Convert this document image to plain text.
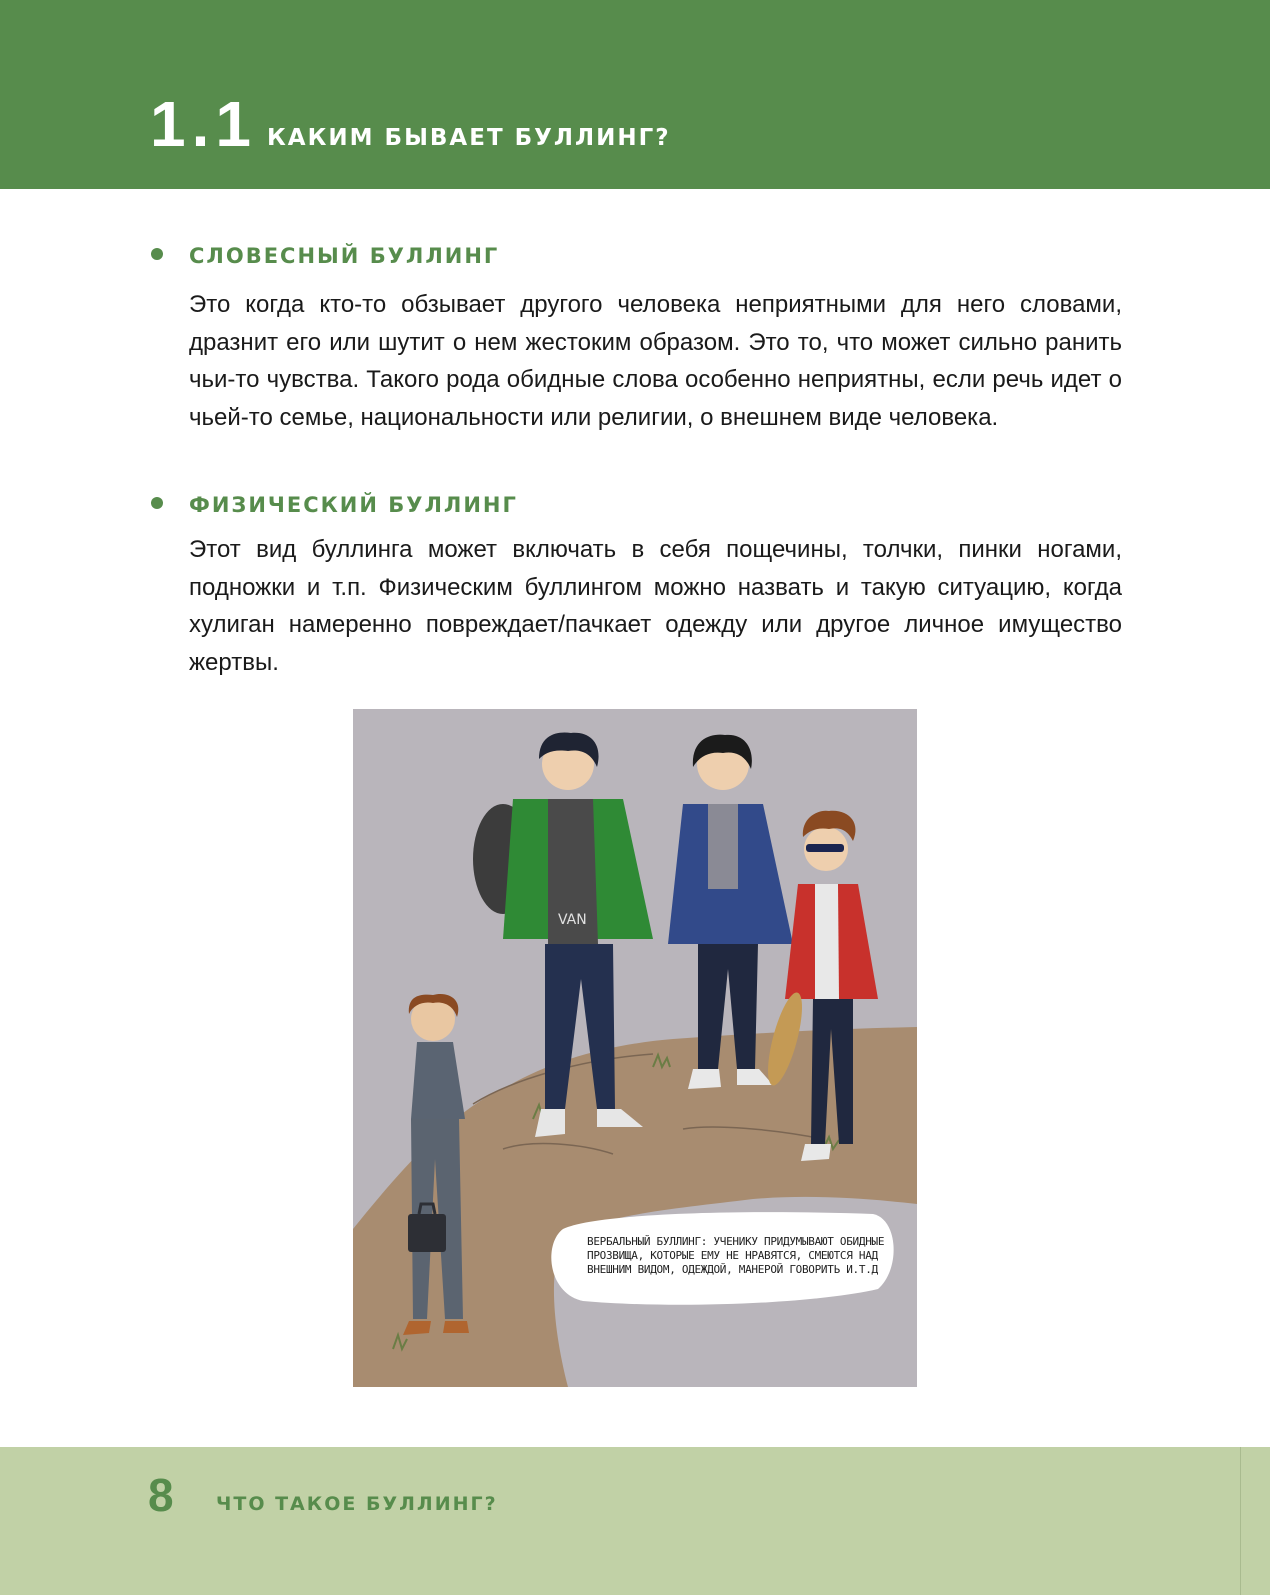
1.1 КАКИМ БЫВАЕТ БУЛЛИНГ?
СЛОВЕСНЫЙ БУЛЛИНГ

Это когда кто-то обзывает другого человека неприятными для него словами, дразнит его или шутит о нем жестоким образом. Это то, что может сильно ранить чьи-то чувства. Такого рода обидные слова особенно неприятны, если речь идет о чьей-то семье, национальности или религии, о внешнем виде человека.

ФИЗИЧЕСКИЙ БУЛЛИНГ

Этот вид буллинга может включать в себя пощечины, толчки, пинки ногами, подножки и т.п. Физическим буллингом можно назвать и такую ситуацию, когда хулиган намеренно повреждает/пачкает одежду или другое личное имущество жертвы.

VAN
ВЕРБАЛЬНЫЙ БУЛЛИНГ: УЧЕНИКУ ПРИДУМЫВАЮТ ОБИДНЫЕ ПРОЗВИЩА, КОТОРЫЕ ЕМУ НЕ НРАВЯТСЯ, СМЕЮТСЯ НАД ВНЕШНИМ ВИДОМ, ОДЕЖДОЙ, МАНЕРОЙ ГОВОРИТЬ И.Т.Д
8 ЧТО ТАКОЕ БУЛЛИНГ?
